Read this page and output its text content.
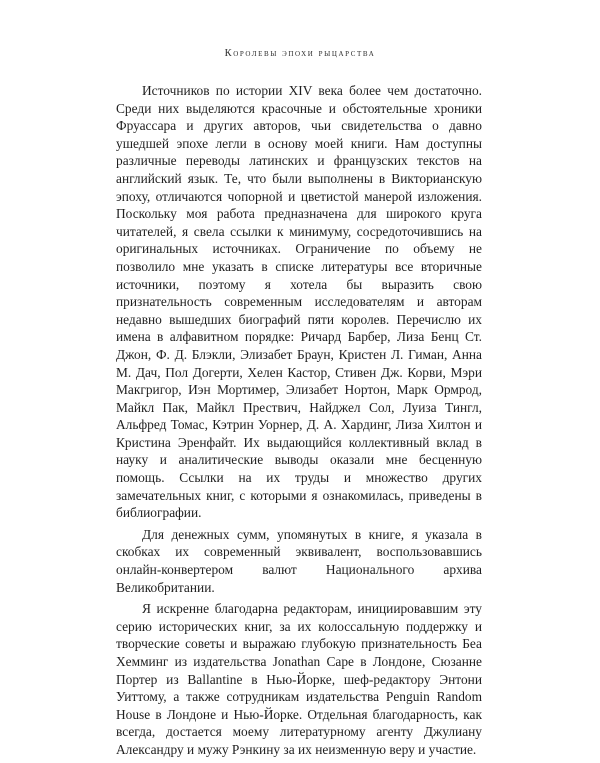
Королевы эпохи рыцарства

Источников по истории XIV века более чем достаточно. Среди них выделяются красочные и обстоятельные хроники Фруассара и других авторов, чьи свидетельства о давно ушедшей эпохе легли в основу моей книги. Нам доступны различные переводы латинских и французских текстов на английский язык. Те, что были выполнены в Викторианскую эпоху, отличаются чопорной и цветистой манерой изложения. Поскольку моя работа предназначена для широкого круга читателей, я свела ссылки к минимуму, сосредоточившись на оригинальных источниках. Ограничение по объему не позволило мне указать в списке литературы все вторичные источники, поэтому я хотела бы выразить свою признательность современным исследователям и авторам недавно вышедших биографий пяти королев. Перечислю их имена в алфавитном порядке: Ричард Барбер, Лиза Бенц Ст. Джон, Ф. Д. Блэкли, Элизабет Браун, Кристен Л. Гиман, Анна М. Дач, Пол Догерти, Хелен Кастор, Стивен Дж. Корви, Мэри Макгригор, Иэн Мортимер, Элизабет Нортон, Марк Ормрод, Майкл Пак, Майкл Прествич, Найджел Сол, Луиза Тингл, Альфред Томас, Кэтрин Уорнер, Д. А. Хардинг, Лиза Хилтон и Кристина Эренфайт. Их выдающийся коллективный вклад в науку и аналитические выводы оказали мне бесценную помощь. Ссылки на их труды и множество других замечательных книг, с которыми я ознакомилась, приведены в библиографии.

Для денежных сумм, упомянутых в книге, я указала в скобках их современный эквивалент, воспользовавшись онлайн-конвертером валют Национального архива Великобритании.

Я искренне благодарна редакторам, инициировавшим эту серию исторических книг, за их колоссальную поддержку и творческие советы и выражаю глубокую признательность Беа Хемминг из издательства Jonathan Cape в Лондоне, Сюзанне Портер из Ballantine в Нью-Йорке, шеф-редактору Энтони Уиттому, а также сотрудникам издательства Penguin Random House в Лондоне и Нью-Йорке. Отдельная благодарность, как всегда, достается моему литературному агенту Джулиану Александру и мужу Рэнкину за их неизменную веру и участие.
